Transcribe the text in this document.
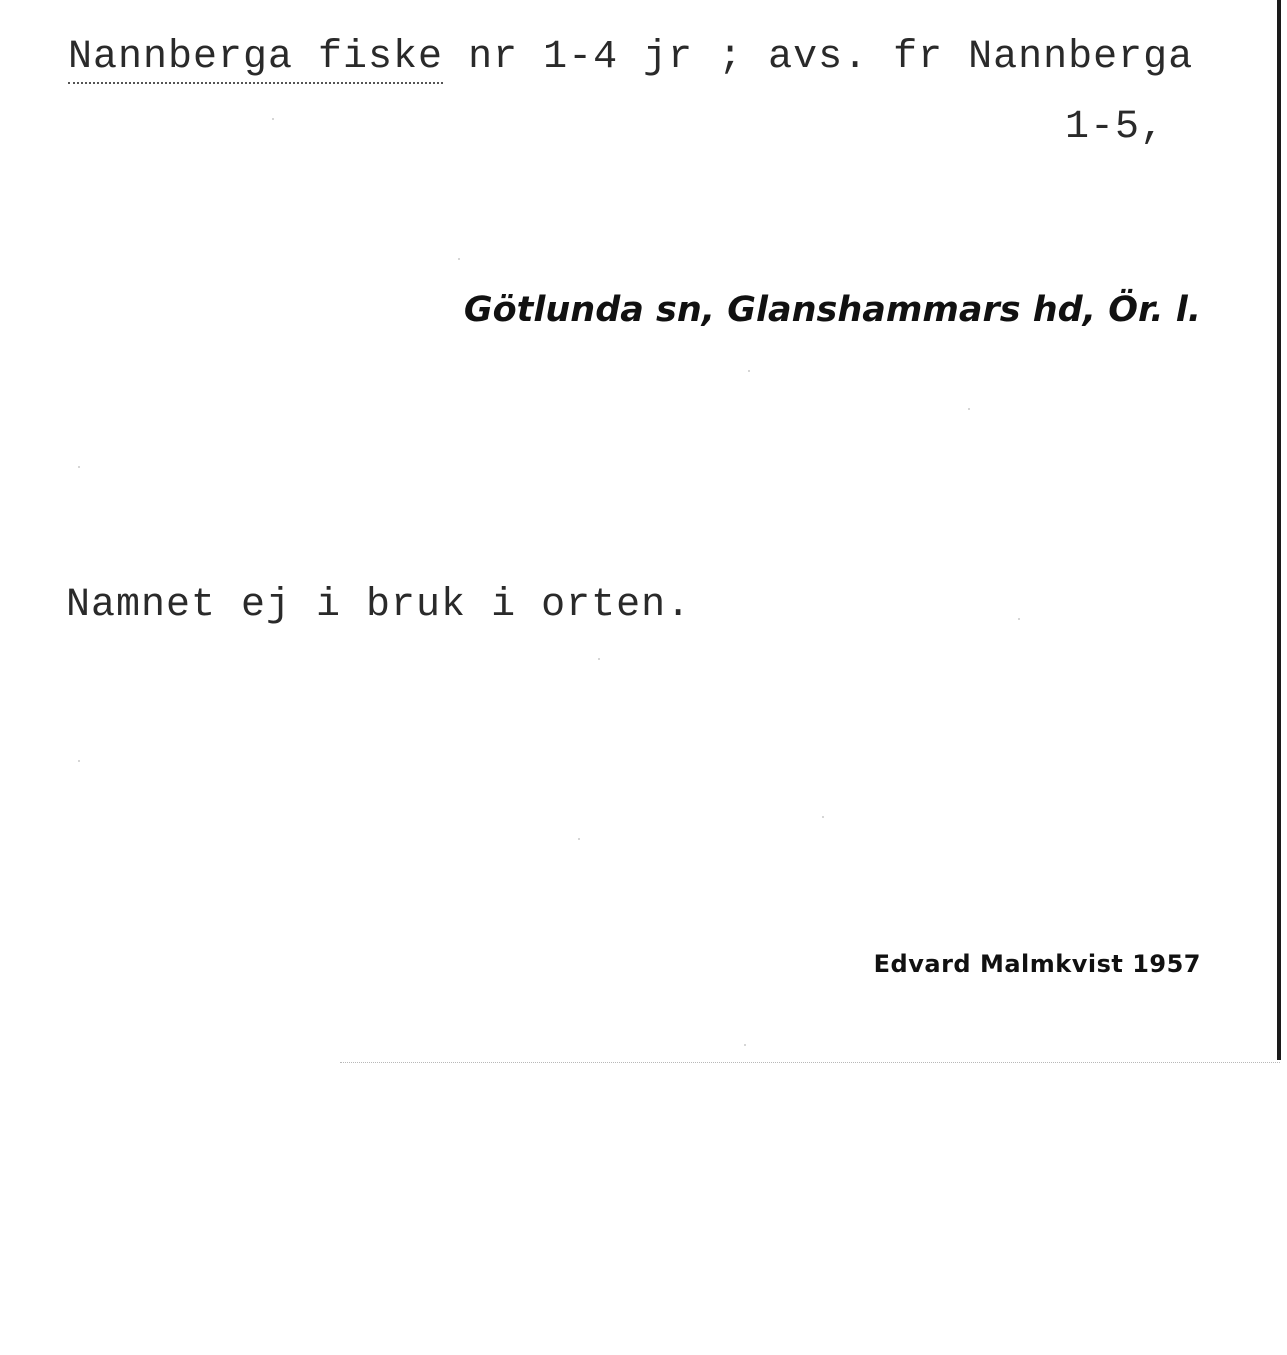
Nannberga fiske nr 1-4 jr ; avs. fr Nannberga
1-5,
Götlunda sn, Glanshammars hd, Ör. l.
Namnet ej i bruk i orten.
Edvard Malmkvist 1957
